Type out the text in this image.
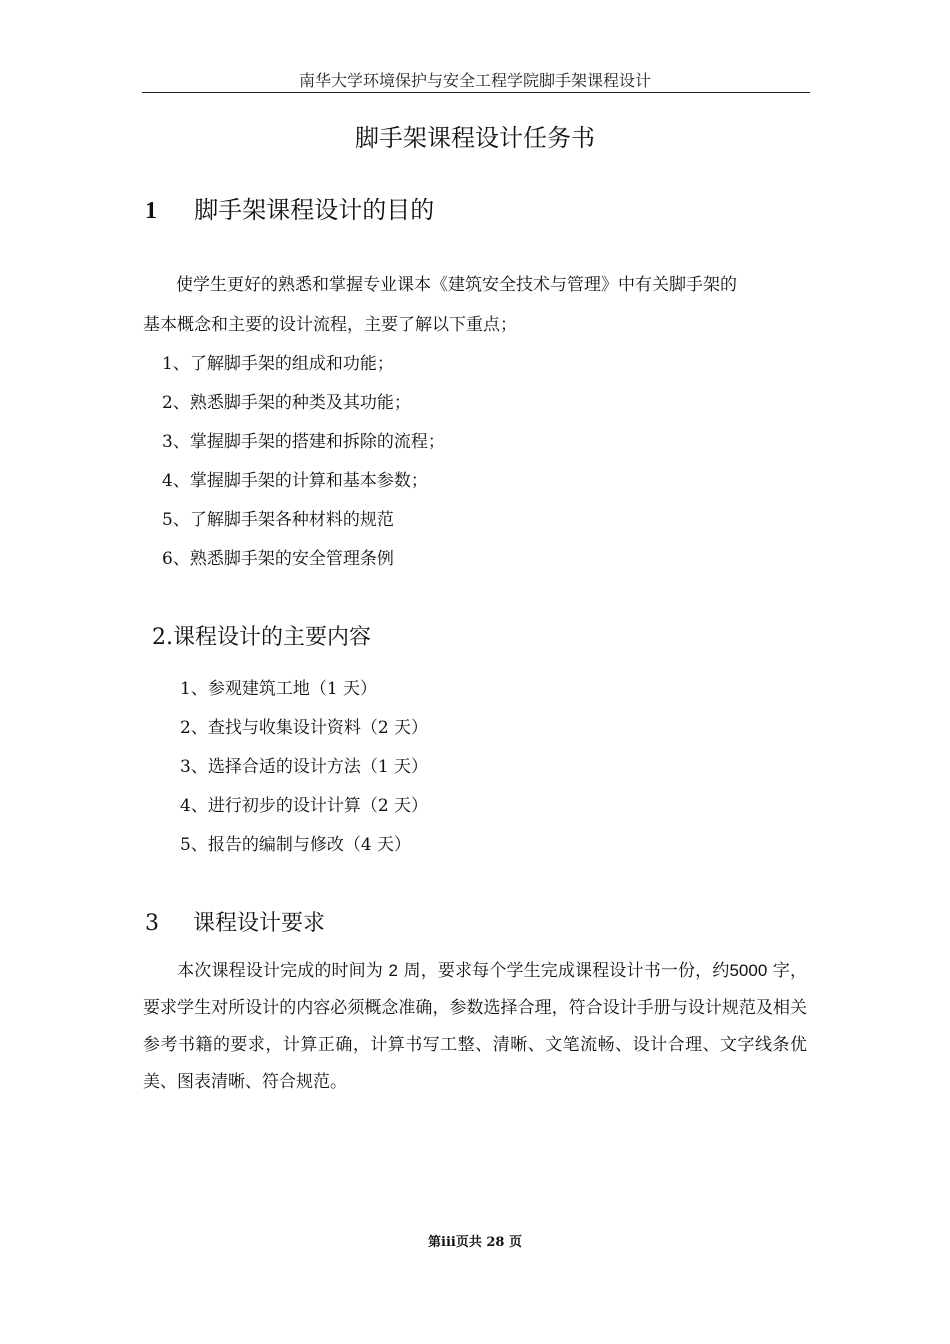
南华大学环境保护与安全工程学院脚手架课程设计
脚手架课程设计任务书
1 脚手架课程设计的目的
使学生更好的熟悉和掌握专业课本《建筑安全技术与管理》中有关脚手架的
基本概念和主要的设计流程，主要了解以下重点；
1、了解脚手架的组成和功能；
2、熟悉脚手架的种类及其功能；
3、掌握脚手架的搭建和拆除的流程；
4、掌握脚手架的计算和基本参数；
5、了解脚手架各种材料的规范
6、熟悉脚手架的安全管理条例
2.课程设计的主要内容
1、参观建筑工地（1 天）
2、查找与收集设计资料（2 天）
3、选择合适的设计方法（1 天）
4、进行初步的设计计算（2 天）
5、报告的编制与修改（4 天）
3 课程设计要求
本次课程设计完成的时间为 2 周，要求每个学生完成课程设计书一份，约5000 字，要求学生对所设计的内容必须概念准确，参数选择合理，符合设计手册与设计规范及相关参考书籍的要求，计算正确，计算书写工整、清晰、文笔流畅、设计合理、文字线条优美、图表清晰、符合规范。
第iii页共 28 页
